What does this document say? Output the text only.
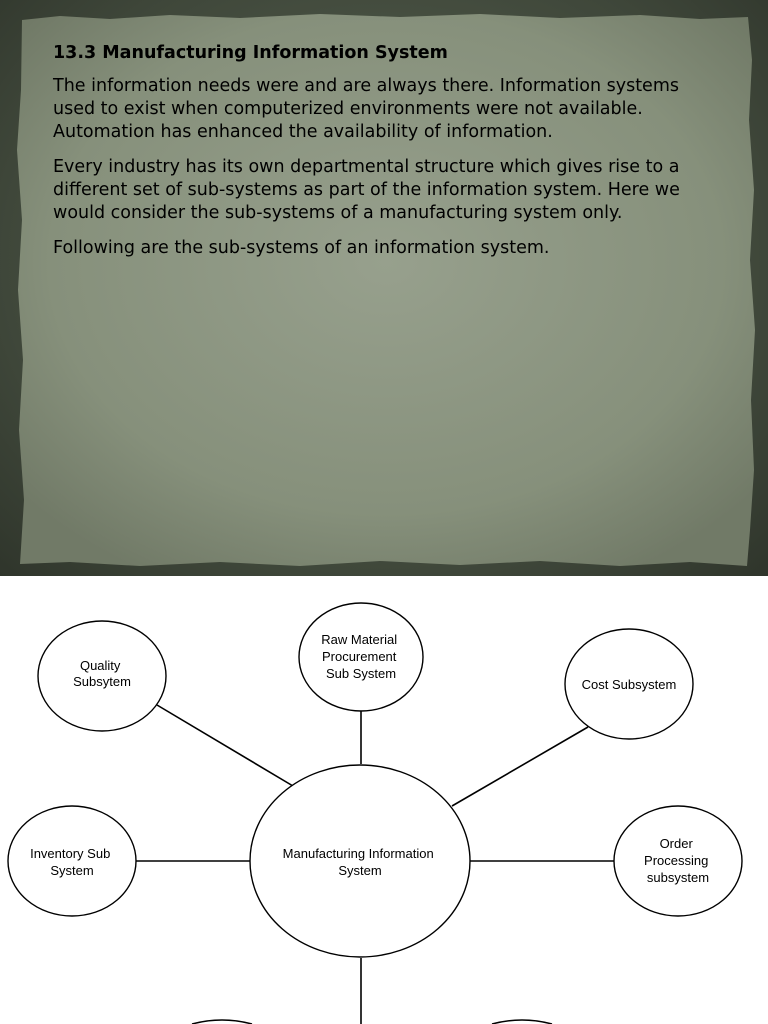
13.3 Manufacturing Information System

The information needs were and are always there. Information systems used to exist when computerized environments were not available. Automation has enhanced the availability of information.

Every industry has its own departmental structure which gives rise to a different set of sub-systems as part of the information system. Here we would consider the sub-systems of a manufacturing system only.

Following are the sub-systems of an information system.

Quality Subsytem
Raw Material Procurement Sub System
Cost Subsystem
Inventory Sub System
Manufacturing Information System
Order Processing subsystem
